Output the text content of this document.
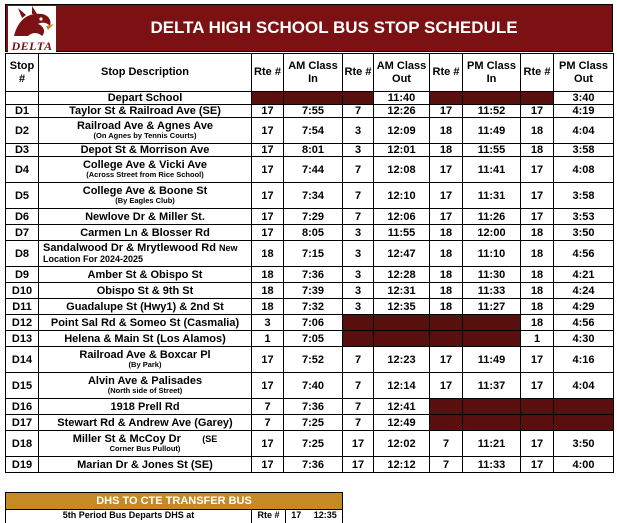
DELTA
DELTA HIGH SCHOOL BUS STOP SCHEDULE
Stop #	Stop Description	Rte #	AM Class In	Rte #	AM Class Out	Rte #	PM Class In	Rte #	PM Class Out
	Depart School				11:40				3:40
D1	Taylor St & Railroad Ave (SE)	17	7:55	7	12:26	17	11:52	17	4:19
D2	Railroad Ave & Agnes Ave
(On Agnes by Tennis Courts)	17	7:54	3	12:09	18	11:49	18	4:04
D3	Depot St & Morrison Ave	17	8:01	3	12:01	18	11:55	18	3:58
D4	College Ave & Vicki Ave
(Across Street from Rice School)	17	7:44	7	12:08	17	11:41	17	4:08
D5	College Ave & Boone St
(By Eagles Club)	17	7:34	7	12:10	17	11:31	17	3:58
D6	Newlove Dr & Miller St.	17	7:29	7	12:06	17	11:26	17	3:53
D7	Carmen Ln & Blosser Rd	17	8:05	3	11:55	18	12:00	18	3:50
D8	Sandalwood Dr & Mrytlewood Rd New Location For 2024-2025	18	7:15	3	12:47	18	11:10	18	4:56
D9	Amber St & Obispo St	18	7:36	3	12:28	18	11:30	18	4:21
D10	Obispo St & 9th St	18	7:39	3	12:31	18	11:33	18	4:24
D11	Guadalupe St (Hwy1) & 2nd St	18	7:32	3	12:35	18	11:27	18	4:29
D12	Point Sal Rd & Someo St (Casmalia)	3	7:06					18	4:56
D13	Helena & Main St (Los Alamos)	1	7:05					1	4:30
D14	Railroad Ave & Boxcar Pl
(By Park)	17	7:52	7	12:23	17	11:49	17	4:16
D15	Alvin Ave & Palisades
(North side of Street)	17	7:40	7	12:14	17	11:37	17	4:04
D16	1918 Prell Rd	7	7:36	7	12:41				
D17	Stewart Rd & Andrew Ave (Garey)	7	7:25	7	12:49				
D18	Miller St & McCoy Dr (SE
Corner Bus Pullout)	17	7:25	17	12:02	7	11:21	17	3:50
D19	Marian Dr & Jones St (SE)	17	7:36	17	12:12	7	11:33	17	4:00
DHS TO CTE TRANSFER BUS
5th Period Bus Departs DHS at	Rte #	17 12:35
